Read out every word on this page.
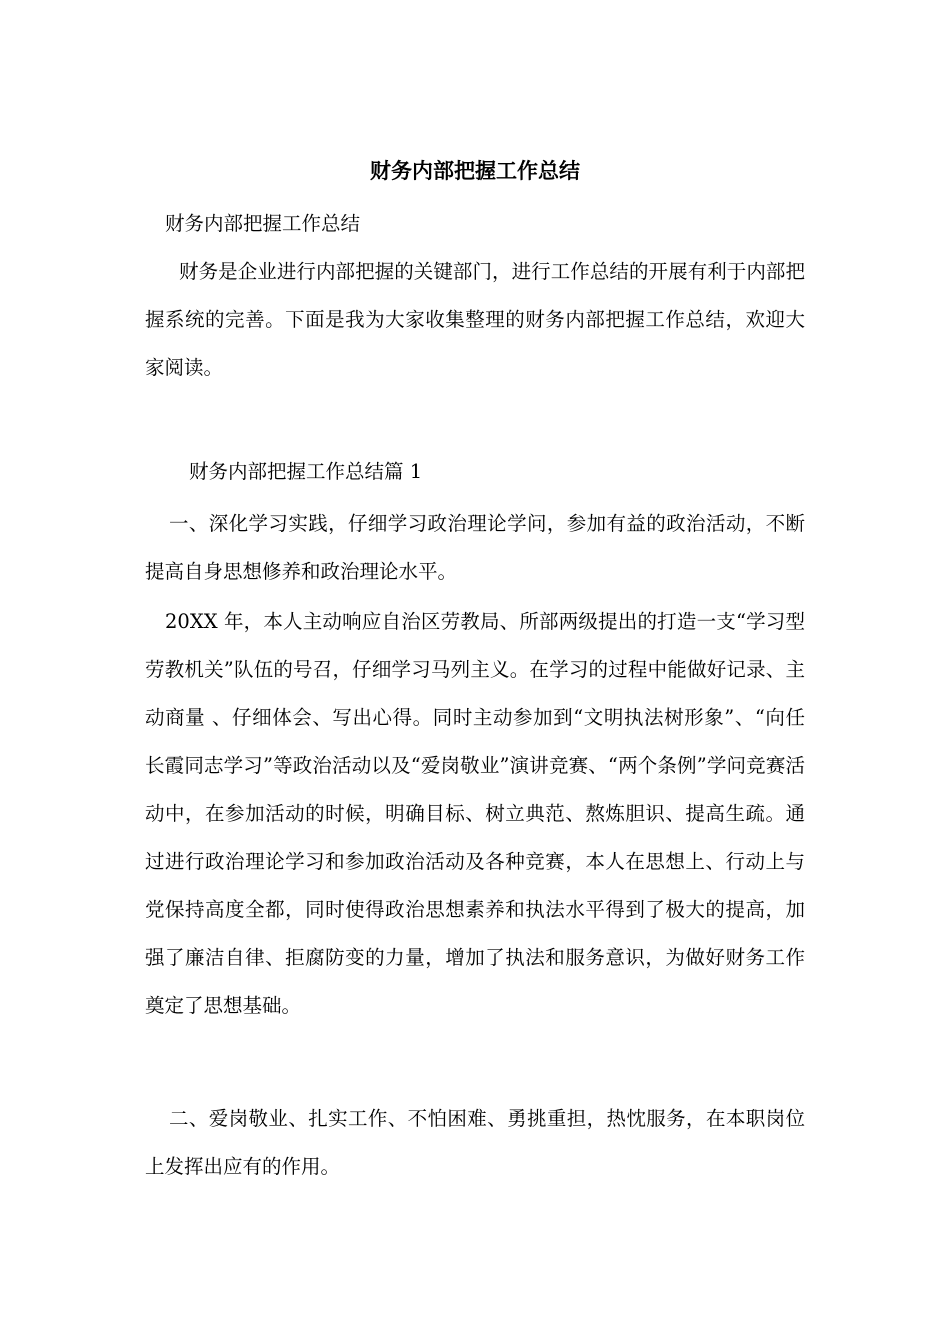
财务内部把握工作总结

财务内部把握工作总结

财务是企业进行内部把握的关键部门，进行工作总结的开展有利于内部把握系统的完善。下面是我为大家收集整理的财务内部把握工作总结，欢迎大家阅读。

财务内部把握工作总结篇 1

一、深化学习实践，仔细学习政治理论学问，参加有益的政治活动，不断提高自身思想修养和政治理论水平。

20XX 年，本人主动响应自治区劳教局、所部两级提出的打造一支“学习型劳教机关”队伍的号召，仔细学习马列主义。在学习的过程中能做好记录、主动商量 、仔细体会、写出心得。同时主动参加到“文明执法树形象”、“向任长霞同志学习”等政治活动以及“爱岗敬业”演讲竞赛、“两个条例”学问竞赛活动中，在参加活动的时候，明确目标、树立典范、熬炼胆识、提高生疏。通过进行政治理论学习和参加政治活动及各种竞赛，本人在思想上、行动上与党保持高度全都，同时使得政治思想素养和执法水平得到了极大的提高，加强了廉洁自律、拒腐防变的力量，增加了执法和服务意识，为做好财务工作奠定了思想基础。

二、爱岗敬业、扎实工作、不怕困难、勇挑重担，热忱服务，在本职岗位上发挥出应有的作用。
